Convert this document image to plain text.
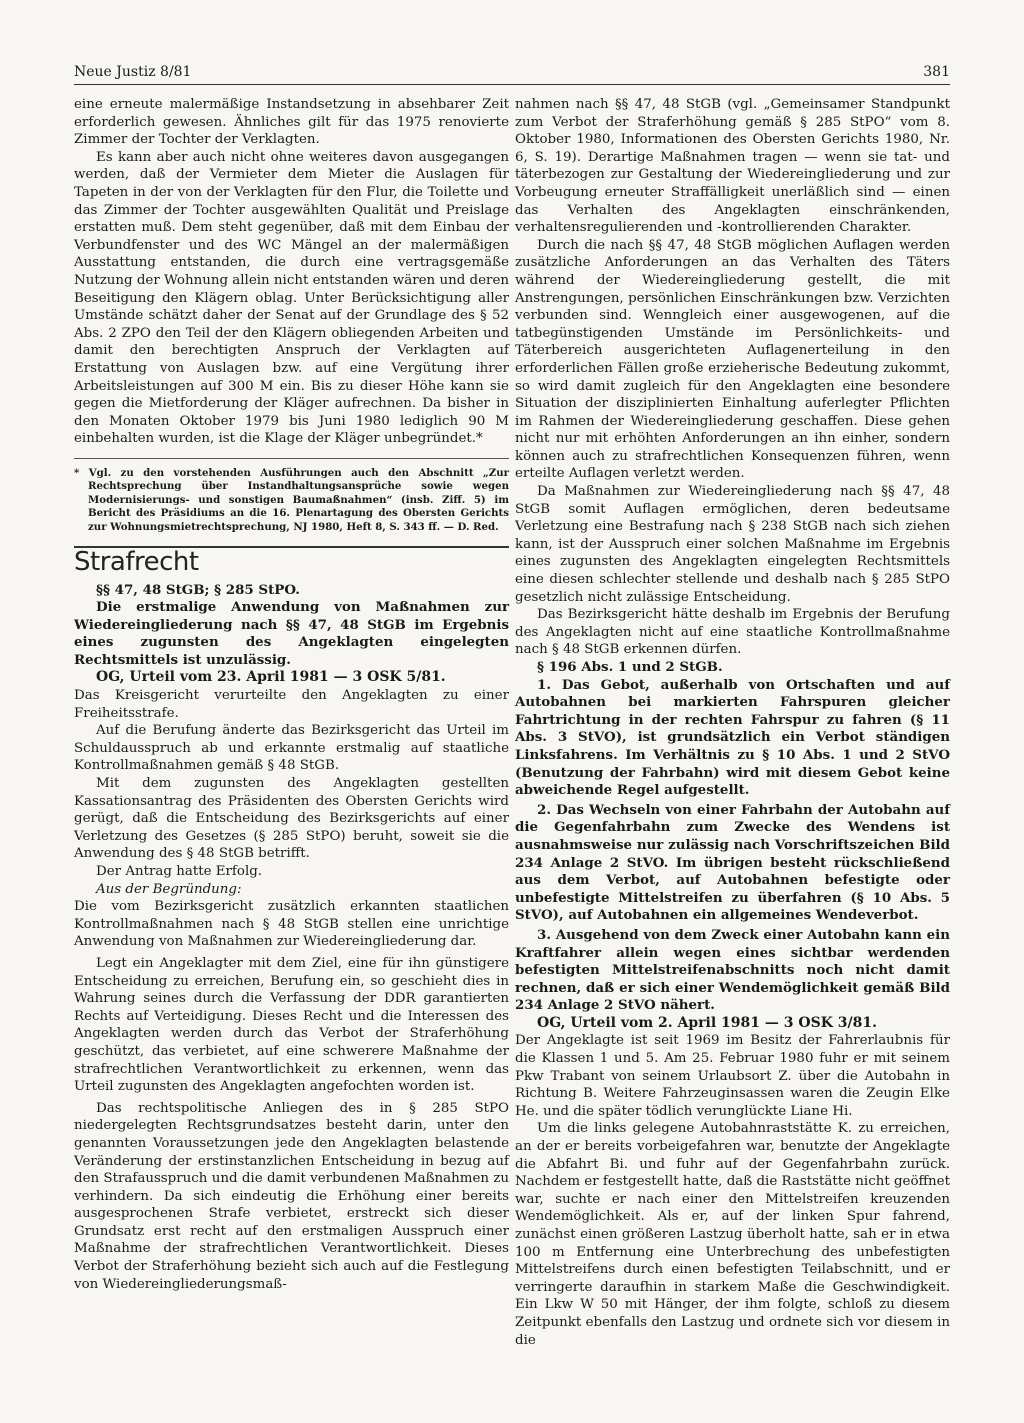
Neue Justiz 8/81	381

eine erneute malermäßige Instandsetzung in absehbarer Zeit erforderlich gewesen. Ähnliches gilt für das 1975 renovierte Zimmer der Tochter der Verklagten.

Es kann aber auch nicht ohne weiteres davon ausgegangen werden, daß der Vermieter dem Mieter die Auslagen für Tapeten in der von der Verklagten für den Flur, die Toilette und das Zimmer der Tochter ausgewählten Qualität und Preislage erstatten muß. Dem steht gegenüber, daß mit dem Einbau der Verbundfenster und des WC Mängel an der malermäßigen Ausstattung entstanden, die durch eine vertragsgemäße Nutzung der Wohnung allein nicht entstanden wären und deren Beseitigung den Klägern oblag. Unter Berücksichtigung aller Umstände schätzt daher der Senat auf der Grundlage des § 52 Abs. 2 ZPO den Teil der den Klägern obliegenden Arbeiten und damit den berechtigten Anspruch der Verklagten auf Erstattung von Auslagen bzw. auf eine Vergütung ihrer Arbeitsleistungen auf 300 M ein. Bis zu dieser Höhe kann sie gegen die Mietforderung der Kläger aufrechnen. Da bisher in den Monaten Oktober 1979 bis Juni 1980 lediglich 90 M einbehalten wurden, ist die Klage der Kläger unbegründet.*

* Vgl. zu den vorstehenden Ausführungen auch den Abschnitt „Zur Rechtsprechung über Instandhaltungsansprüche sowie wegen Modernisierungs- und sonstigen Baumaßnahmen“ (insb. Ziff. 5) im Bericht des Präsidiums an die 16. Plenartagung des Obersten Gerichts zur Wohnungsmietrechtsprechung, NJ 1980, Heft 8, S. 343 ff. — D. Red.
Strafrecht

§§ 47, 48 StGB; § 285 StPO.

Die erstmalige Anwendung von Maßnahmen zur Wiedereingliederung nach §§ 47, 48 StGB im Ergebnis eines zugunsten des Angeklagten eingelegten Rechtsmittels ist unzulässig.

OG, Urteil vom 23. April 1981 — 3 OSK 5/81.

Das Kreisgericht verurteilte den Angeklagten zu einer Freiheitsstrafe.

Auf die Berufung änderte das Bezirksgericht das Urteil im Schuldausspruch ab und erkannte erstmalig auf staatliche Kontrollmaßnahmen gemäß § 48 StGB.

Mit dem zugunsten des Angeklagten gestellten Kassationsantrag des Präsidenten des Obersten Gerichts wird gerügt, daß die Entscheidung des Bezirksgerichts auf einer Verletzung des Gesetzes (§ 285 StPO) beruht, soweit sie die Anwendung des § 48 StGB betrifft.

Der Antrag hatte Erfolg.

Aus der Begründung:

Die vom Bezirksgericht zusätzlich erkannten staatlichen Kontrollmaßnahmen nach § 48 StGB stellen eine unrichtige Anwendung von Maßnahmen zur Wiedereingliederung dar.

Legt ein Angeklagter mit dem Ziel, eine für ihn günstigere Entscheidung zu erreichen, Berufung ein, so geschieht dies in Wahrung seines durch die Verfassung der DDR garantierten Rechts auf Verteidigung. Dieses Recht und die Interessen des Angeklagten werden durch das Verbot der Straferhöhung geschützt, das verbietet, auf eine schwerere Maßnahme der strafrechtlichen Verantwortlichkeit zu erkennen, wenn das Urteil zugunsten des Angeklagten angefochten worden ist.

Das rechtspolitische Anliegen des in § 285 StPO niedergelegten Rechtsgrundsatzes besteht darin, unter den genannten Voraussetzungen jede den Angeklagten belastende Veränderung der erstinstanzlichen Entscheidung in bezug auf den Strafausspruch und die damit verbundenen Maßnahmen zu verhindern. Da sich eindeutig die Erhöhung einer bereits ausgesprochenen Strafe verbietet, erstreckt sich dieser Grundsatz erst recht auf den erstmaligen Ausspruch einer Maßnahme der strafrechtlichen Verantwortlichkeit. Dieses Verbot der Straferhöhung bezieht sich auch auf die Festlegung von Wiedereingliederungsmaß-

nahmen nach §§ 47, 48 StGB (vgl. „Gemeinsamer Standpunkt zum Verbot der Straferhöhung gemäß § 285 StPO“ vom 8. Oktober 1980, Informationen des Obersten Gerichts 1980, Nr. 6, S. 19). Derartige Maßnahmen tragen — wenn sie tat- und täterbezogen zur Gestaltung der Wiedereingliederung und zur Vorbeugung erneuter Straffälligkeit unerläßlich sind — einen das Verhalten des Angeklagten einschränkenden, verhaltensregulierenden und -kontrollierenden Charakter.

Durch die nach §§ 47, 48 StGB möglichen Auflagen werden zusätzliche Anforderungen an das Verhalten des Täters während der Wiedereingliederung gestellt, die mit Anstrengungen, persönlichen Einschränkungen bzw. Verzichten verbunden sind. Wenngleich einer ausgewogenen, auf die tatbegünstigenden Umstände im Persönlichkeits- und Täterbereich ausgerichteten Auflagenerteilung in den erforderlichen Fällen große erzieherische Bedeutung zukommt, so wird damit zugleich für den Angeklagten eine besondere Situation der disziplinierten Einhaltung auferlegter Pflichten im Rahmen der Wiedereingliederung geschaffen. Diese gehen nicht nur mit erhöhten Anforderungen an ihn einher, sondern können auch zu strafrechtlichen Konsequenzen führen, wenn erteilte Auflagen verletzt werden.

Da Maßnahmen zur Wiedereingliederung nach §§ 47, 48 StGB somit Auflagen ermöglichen, deren bedeutsame Verletzung eine Bestrafung nach § 238 StGB nach sich ziehen kann, ist der Ausspruch einer solchen Maßnahme im Ergebnis eines zugunsten des Angeklagten eingelegten Rechtsmittels eine diesen schlechter stellende und deshalb nach § 285 StPO gesetzlich nicht zulässige Entscheidung.

Das Bezirksgericht hätte deshalb im Ergebnis der Berufung des Angeklagten nicht auf eine staatliche Kontrollmaßnahme nach § 48 StGB erkennen dürfen.

§ 196 Abs. 1 und 2 StGB.

1. Das Gebot, außerhalb von Ortschaften und auf Autobahnen bei markierten Fahrspuren gleicher Fahrtrichtung in der rechten Fahrspur zu fahren (§ 11 Abs. 3 StVO), ist grundsätzlich ein Verbot ständigen Linksfahrens. Im Verhältnis zu § 10 Abs. 1 und 2 StVO (Benutzung der Fahrbahn) wird mit diesem Gebot keine abweichende Regel aufgestellt.

2. Das Wechseln von einer Fahrbahn der Autobahn auf die Gegenfahrbahn zum Zwecke des Wendens ist ausnahmsweise nur zulässig nach Vorschriftszeichen Bild 234 Anlage 2 StVO. Im übrigen besteht rückschließend aus dem Verbot, auf Autobahnen befestigte oder unbefestigte Mittelstreifen zu überfahren (§ 10 Abs. 5 StVO), auf Autobahnen ein allgemeines Wendeverbot.

3. Ausgehend von dem Zweck einer Autobahn kann ein Kraftfahrer allein wegen eines sichtbar werdenden befestigten Mittelstreifenabschnitts noch nicht damit rechnen, daß er sich einer Wendemöglichkeit gemäß Bild 234 Anlage 2 StVO nähert.

OG, Urteil vom 2. April 1981 — 3 OSK 3/81.

Der Angeklagte ist seit 1969 im Besitz der Fahrerlaubnis für die Klassen 1 und 5. Am 25. Februar 1980 fuhr er mit seinem Pkw Trabant von seinem Urlaubsort Z. über die Autobahn in Richtung B. Weitere Fahrzeuginsassen waren die Zeugin Elke He. und die später tödlich verunglückte Liane Hi.

Um die links gelegene Autobahnraststätte K. zu erreichen, an der er bereits vorbeigefahren war, benutzte der Angeklagte die Abfahrt Bi. und fuhr auf der Gegenfahrbahn zurück. Nachdem er festgestellt hatte, daß die Raststätte nicht geöffnet war, suchte er nach einer den Mittelstreifen kreuzenden Wendemöglichkeit. Als er, auf der linken Spur fahrend, zunächst einen größeren Lastzug überholt hatte, sah er in etwa 100 m Entfernung eine Unterbrechung des unbefestigten Mittelstreifens durch einen befestigten Teilabschnitt, und er verringerte daraufhin in starkem Maße die Geschwindigkeit. Ein Lkw W 50 mit Hänger, der ihm folgte, schloß zu diesem Zeitpunkt ebenfalls den Lastzug und ordnete sich vor diesem in die
